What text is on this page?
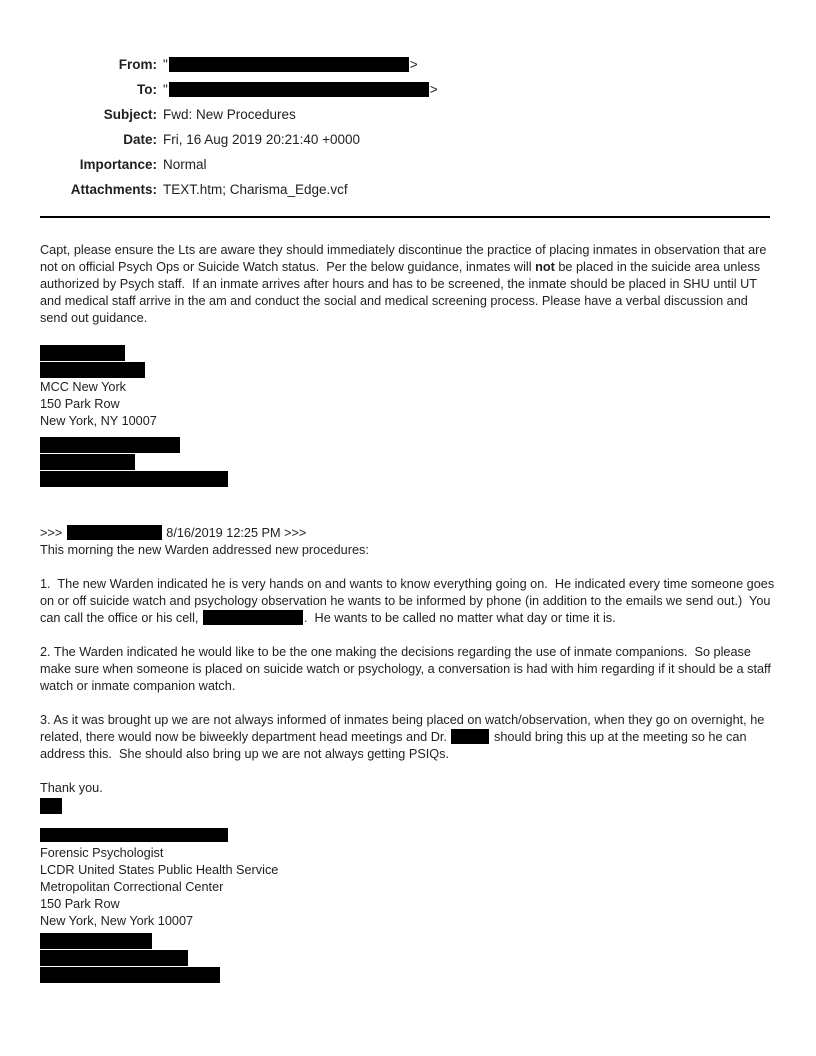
From: "	>
To: "	>
Subject: Fwd: New Procedures
Date: Fri, 16 Aug 2019 20:21:40 +0000
Importance: Normal
Attachments: TEXT.htm; Charisma_Edge.vcf

Capt, please ensure the Lts are aware they should immediately discontinue the practice of placing inmates in observation that are not on official Psych Ops or Suicide Watch status.  Per the below guidance, inmates will not be placed in the suicide area unless authorized by Psych staff.  If an inmate arrives after hours and has to be screened, the inmate should be placed in SHU until UT and medical staff arrive in the am and conduct the social and medical screening process. Please have a verbal discussion and send out guidance.

MCC New York
150 Park Row
New York, NY 10007
>>>	8/16/2019 12:25 PM >>>
This morning the new Warden addressed new procedures:

1.  The new Warden indicated he is very hands on and wants to know everything going on.  He indicated every time someone goes on or off suicide watch and psychology observation he wants to be informed by phone (in addition to the emails we send out.)  You can call the office or his cell,	.  He wants to be called no matter what day or time it is.

2. The Warden indicated he would like to be the one making the decisions regarding the use of inmate companions.  So please make sure when someone is placed on suicide watch or psychology, a conversation is had with him regarding if it should be a staff watch or inmate companion watch.

3. As it was brought up we are not always informed of inmates being placed on watch/observation, when they go on overnight, he related, there would now be biweekly department head meetings and Dr.	should bring this up at the meeting so he can address this.  She should also bring up we are not always getting PSIQs.

Thank you.
Forensic Psychologist
LCDR United States Public Health Service
Metropolitan Correctional Center
150 Park Row
New York, New York 10007
